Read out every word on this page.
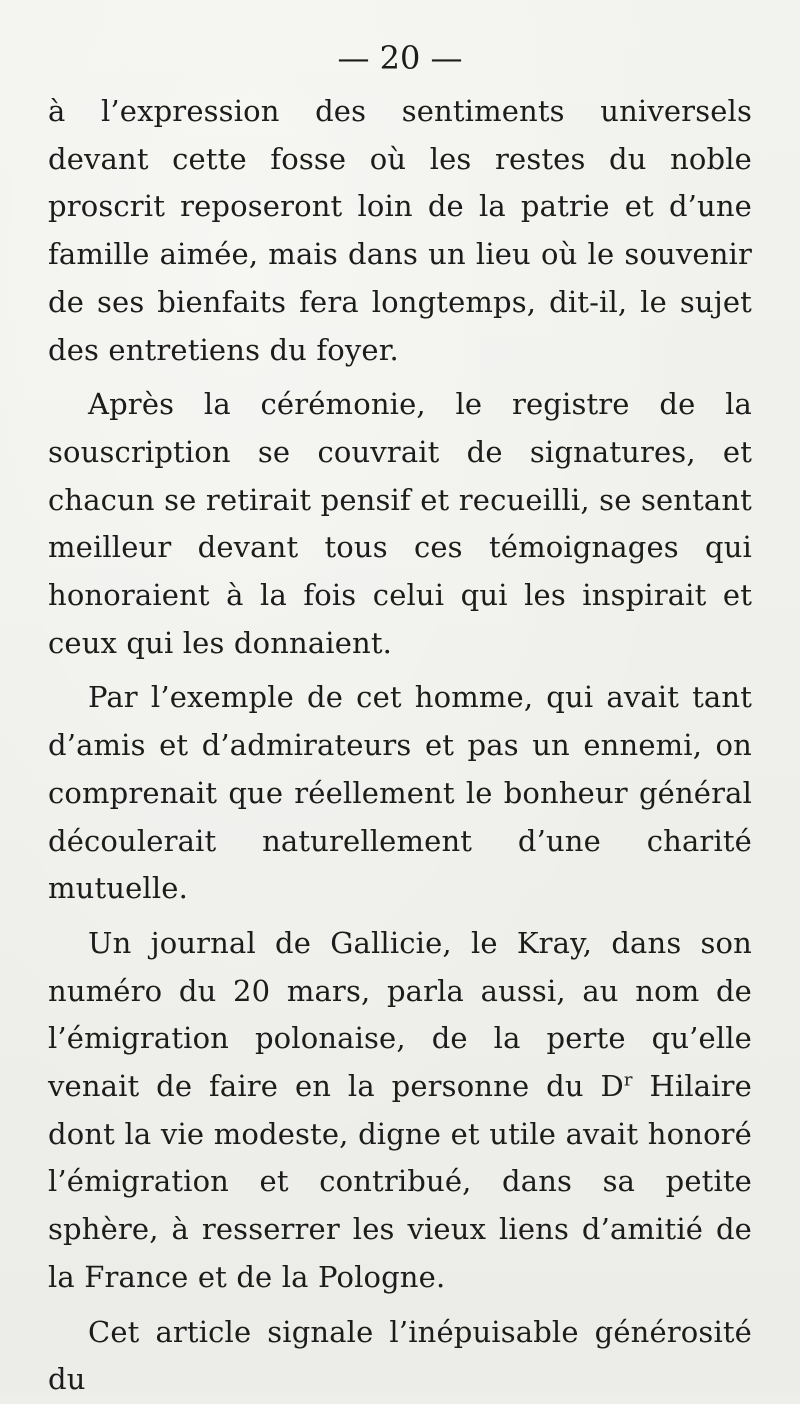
— 20 —

à l’expression des sentiments universels devant cette fosse où les restes du noble proscrit reposeront loin de la patrie et d’une famille aimée, mais dans un lieu où le souvenir de ses bienfaits fera longtemps, dit-il, le sujet des entretiens du foyer.

Après la cérémonie, le registre de la souscription se couvrait de signatures, et chacun se retirait pensif et recueilli, se sentant meilleur devant tous ces témoignages qui honoraient à la fois celui qui les inspirait et ceux qui les donnaient.

Par l’exemple de cet homme, qui avait tant d’amis et d’admirateurs et pas un ennemi, on comprenait que réellement le bonheur général découlerait naturellement d’une charité mutuelle.

Un journal de Gallicie, le Kray, dans son numéro du 20 mars, parla aussi, au nom de l’émigration polonaise, de la perte qu’elle venait de faire en la personne du $D^r$ Hilaire dont la vie modeste, digne et utile avait honoré l’émigration et contribué, dans sa petite sphère, à resserrer les vieux liens d’amitié de la France et de la Pologne.

Cet article signale l’inépuisable générosité du
